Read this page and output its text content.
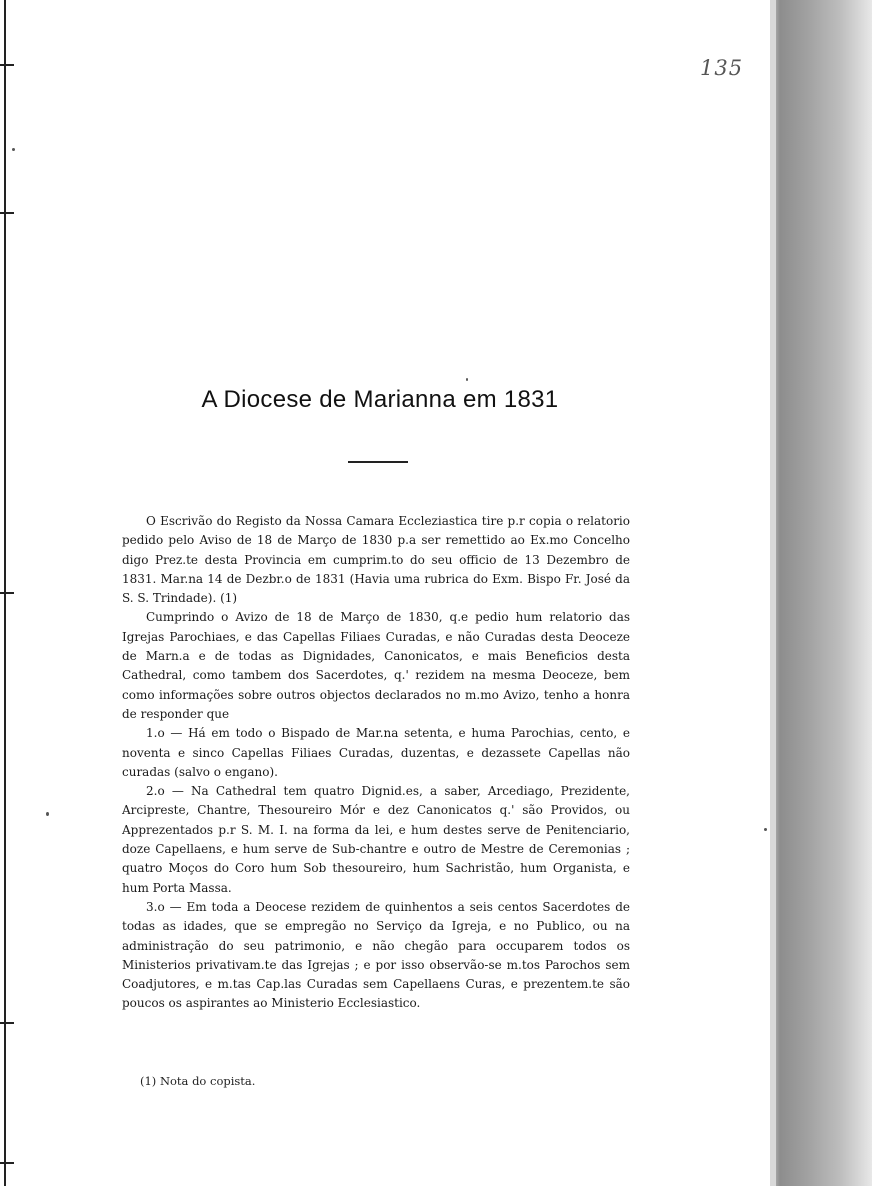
135
A Diocese de Marianna em 1831

O Escrivão do Registo da Nossa Camara Eccleziastica tire p.r copia o relatorio pedido pelo Aviso de 18 de Março de 1830 p.a ser remettido ao Ex.mo Concelho digo Prez.te desta Provincia em cumprim.to do seu officio de 13 Dezembro de 1831. Mar.na 14 de Dezbr.o de 1831 (Havia uma rubrica do Exm. Bispo Fr. José da S. S. Trindade). (1)

Cumprindo o Avizo de 18 de Março de 1830, q.e pedio hum relatorio das Igrejas Parochiaes, e das Capellas Filiaes Curadas, e não Curadas desta Deoceze de Marn.a e de todas as Dignidades, Canonicatos, e mais Beneficios desta Cathedral, como tambem dos Sacerdotes, q.' rezidem na mesma Deoceze, bem como informações sobre outros objectos declarados no m.mo Avizo, tenho a honra de responder que

1.o — Há em todo o Bispado de Mar.na setenta, e huma Parochias, cento, e noventa e sinco Capellas Filiaes Curadas, duzentas, e dezassete Capellas não curadas (salvo o engano).

2.o — Na Cathedral tem quatro Dignid.es, a saber, Arcediago, Prezidente, Arcipreste, Chantre, Thesoureiro Mór e dez Canonicatos q.' são Providos, ou Apprezentados p.r S. M. I. na forma da lei, e hum destes serve de Penitenciario, doze Capellaens, e hum serve de Sub-chantre e outro de Mestre de Ceremonias ; quatro Moços do Coro hum Sob thesoureiro, hum Sachristão, hum Organista, e hum Porta Massa.

3.o — Em toda a Deocese rezidem de quinhentos a seis centos Sacerdotes de todas as idades, que se empregão no Serviço da Igreja, e no Publico, ou na administração do seu patrimonio, e não chegão para occuparem todos os Ministerios privativam.te das Igrejas ; e por isso observão-se m.tos Parochos sem Coadjutores, e m.tas Cap.las Curadas sem Capellaens Curas, e prezentem.te são poucos os aspirantes ao Ministerio Ecclesiastico.

(1) Nota do copista.
